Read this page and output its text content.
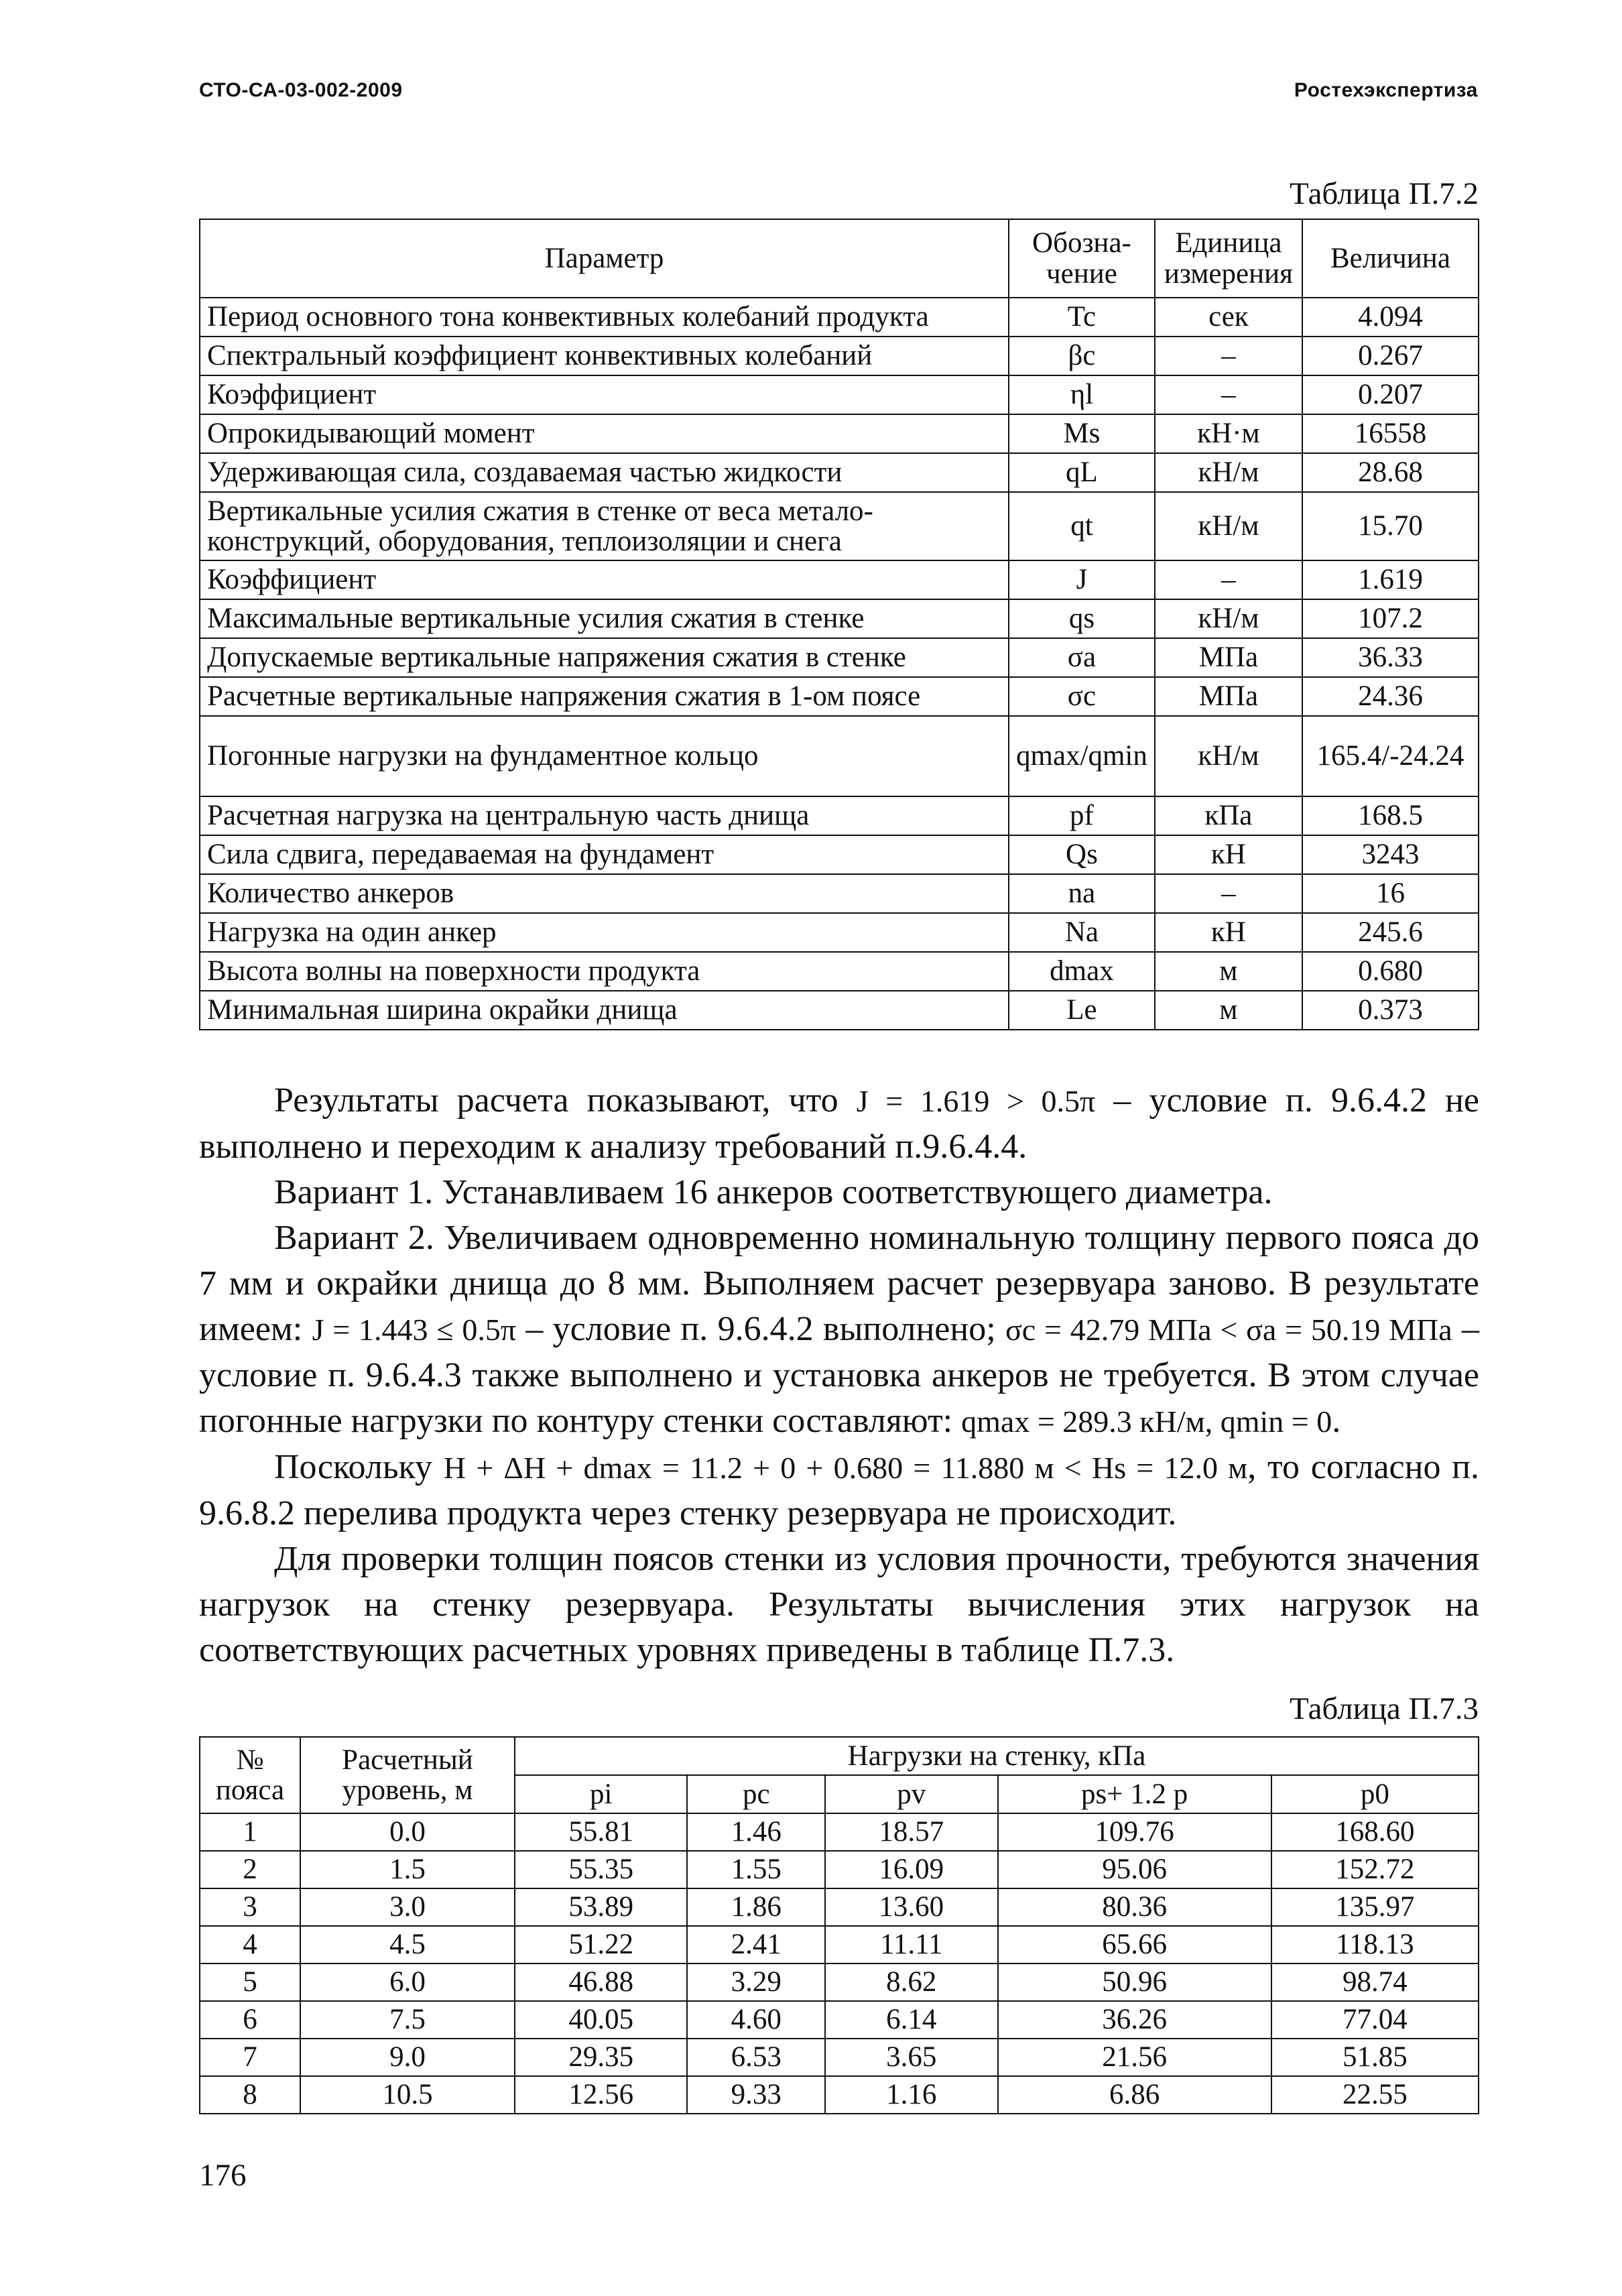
СТО-СА-03-002-2009	Ростехэкспертиза
Таблица П.7.2
Параметр	Обозна-чение	Единица измерения	Величина
Период основного тона конвективных колебаний продукта	Tc	сек	4.094
Спектральный коэффициент конвективных колебаний	βc	–	0.267
Коэффициент	ηl	–	0.207
Опрокидывающий момент	Ms	кН·м	16558
Удерживающая сила, создаваемая частью жидкости	qL	кН/м	28.68
Вертикальные усилия сжатия в стенке от веса метало-конструкций, оборудования, теплоизоляции и снега	qt	кН/м	15.70
Коэффициент	J	–	1.619
Максимальные вертикальные усилия сжатия в стенке	qs	кН/м	107.2
Допускаемые вертикальные напряжения сжатия в стенке	σa	МПа	36.33
Расчетные вертикальные напряжения сжатия в 1-ом поясе	σc	МПа	24.36
Погонные нагрузки на фундаментное кольцо	qmax/qmin	кН/м	165.4/-24.24
Расчетная нагрузка на центральную часть днища	pf	кПа	168.5
Сила сдвига, передаваемая на фундамент	Qs	кН	3243
Количество анкеров	na	–	16
Нагрузка на один анкер	Na	кН	245.6
Высота волны на поверхности продукта	dmax	м	0.680
Минимальная ширина окрайки днища	Le	м	0.373
Таблица П.7.3

Результаты расчета показывают, что J = 1.619 > 0.5π – условие п. 9.6.4.2 не выполнено и переходим к анализу требований п.9.6.4.4.

Вариант 1. Устанавливаем 16 анкеров соответствующего диаметра.

Вариант 2. Увеличиваем одновременно номинальную толщину первого пояса до 7 мм и окрайки днища до 8 мм. Выполняем расчет резервуара заново. В результате имеем: J = 1.443 ≤ 0.5π – условие п. 9.6.4.2 выполнено; σc = 42.79 МПа < σa = 50.19 МПа – условие п. 9.6.4.3 также выполнено и установка анкеров не требуется. В этом случае погонные нагрузки по контуру стенки составляют: qmax = 289.3 кН/м, qmin = 0.

Поскольку H + ΔH + dmax = 11.2 + 0 + 0.680 = 11.880 м < Hs = 12.0 м, то согласно п. 9.6.8.2 перелива продукта через стенку резервуара не происходит.

Для проверки толщин поясов стенки из условия прочности, требуются значения нагрузок на стенку резервуара. Результаты вычисления этих нагрузок на соответствующих расчетных уровнях приведены в таблице П.7.3.

№ пояса	Расчетный уровень, м	Нагрузки на стенку, кПа				
		pi	pc	pv	ps+ 1.2 p	p0
1	0.0	55.81	1.46	18.57	109.76	168.60
2	1.5	55.35	1.55	16.09	95.06	152.72
3	3.0	53.89	1.86	13.60	80.36	135.97
4	4.5	51.22	2.41	11.11	65.66	118.13
5	6.0	46.88	3.29	8.62	50.96	98.74
6	7.5	40.05	4.60	6.14	36.26	77.04
7	9.0	29.35	6.53	3.65	21.56	51.85
8	10.5	12.56	9.33	1.16	6.86	22.55
176
